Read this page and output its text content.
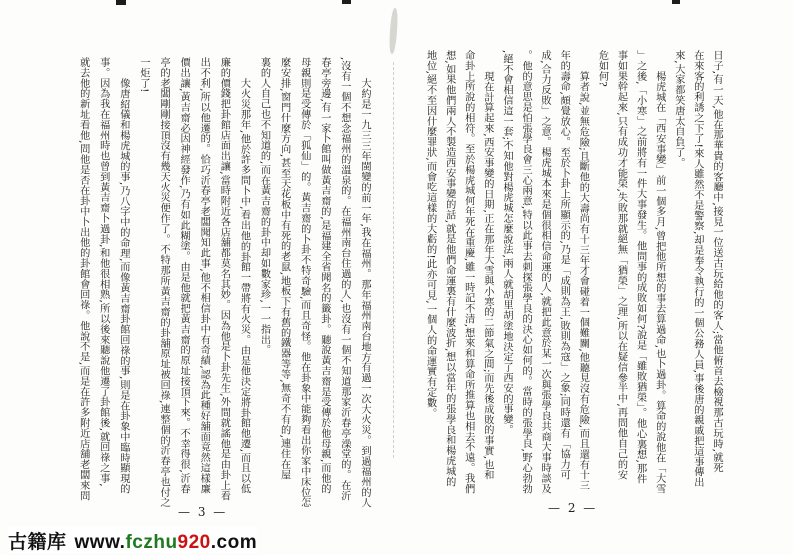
大約是一九三三年閩變的前一年,我在福州。那年福州南台地方有過一次大火災。到過福州的人

,沒有一個不想念福州的溫泉的。在福州南台住過的人,也沒有一個不知道那家沂春亭澡堂的。在沂

春亭旁邊,有一家卜館叫做黃吉齋的,是福建全省聞名的籤卦。聽說黃吉齋是受傳於他母親,而他的

母親則是受傳於「狐仙」的。黃吉齋的卜卦不特奇驗,而且奇怪。他在卦象中能夠看出你家中床位怎

麼安排,窗門什麼方向,甚至天花板中有死的老鼠,地板下有舊的鐵器等等,無奇不有的,連住在屋

裏的人自己也不知道的,而在黃吉齋的卦中却如數家珍,一一指出。

大火災那年,他於許多問卜中,看出他的卦館一帶將有火災。由是他決定將卦館他遷,而且以低

廉的價錢把卦館店面出讓,當時附近各店舖都莫名其妙。因為他是卜卦先生,外間就謠他是由卦上看

出不利,所以他遷的。恰巧沂春亭老闆聞知此事,他不相信卦中有奇績,認為此種好舖面竟然這樣廉

價出讓,黃吉齋必因神經發作,乃有如此糊塗。由是他就把黃吉齋的原址接頂下來。不幸得很,沂春

亭的老闆剛剛接頂沒有幾天火災便作了。不特那所黃吉齋的卦舖原址被回祿,連整個的沂春亭也付之

一炬了!

像唐紹儀和楊虎城的事,乃八字中的命理,而像黃吉齋卦館回祿的事,則是在卦象中臨時顯現的

事。因為我在福州時也曾到黃吉齋卜過卦,和他很相熟,所以後來聽說他遷了卦館後,就回祿之事,

就去他的新址看他,問他是否在卦中卜出他的卦館會回祿。他說不是,而是在許多附近店舖老闆來問

— 3 —

日子,有一天,他在那華貴的客廳中,接見一位送古玩給他的客人;當他俯首去檢視那古玩時,就死

在來客的利誘之下了!來人雖然不是警察,却是奉令執行的一個公務人員,事後唐的親戚把這事傳出

來,大家都笑唐太自負了。

楊虎城在「西安事變」前一個多月,曾把他所想的事去算過命,也卜過卦。算命的說他在「大雪

」之後,「小寒」之前將有一件大事發生。他問事的成敗如何?說是「雖敗猶榮」。他心裏想,那件

事如果幹起來,只有成功才能榮,失敗那就絕無「猶榮」之理,所以在疑信參半中,再問他自己的安

危如何?

算者說,並無危險;且斷他的大壽尚有十三年才會碰着一個難關,他聽見沒有危險,而且還有十三

年的壽命,頗覺放心。至於卜卦上所顯示的,乃是「成則為王,敗則為寇」之象;同時還有「協力可

成,合力反敗」之意。楊虎城本來是個很相信命運的人,就把此意於某一次與張學良共商大事時談及

。他的意思是怕張學良會三心兩意,特以此事去刺探張學良的決心如何的。當時的張學良,野心勃勃

,絕不會相信這一套;不知他對楊虎城怎麼說法,兩人就胡里胡塗地決定了西安的事變。

現在計算起來,西安事變的日期,正在那年大雪與小寒的二節氣之間;而先後成敗的事實,也和

命卦上所說的相符。至於楊虎城何年死在重慶,雖一時記不清,想來和算命所推算也相去不遠。我們

想,如果他們兩人不製造西安事變的話,就是他們命運裏有什麼波折,想以當年的張學良和楊虎城的

地位,絕不至因什麼罪狀,而會吃這樣的大虧的!此亦可見,一個人的命運實有定數。

— 2 —
古籍库 www.fczhu920.com
